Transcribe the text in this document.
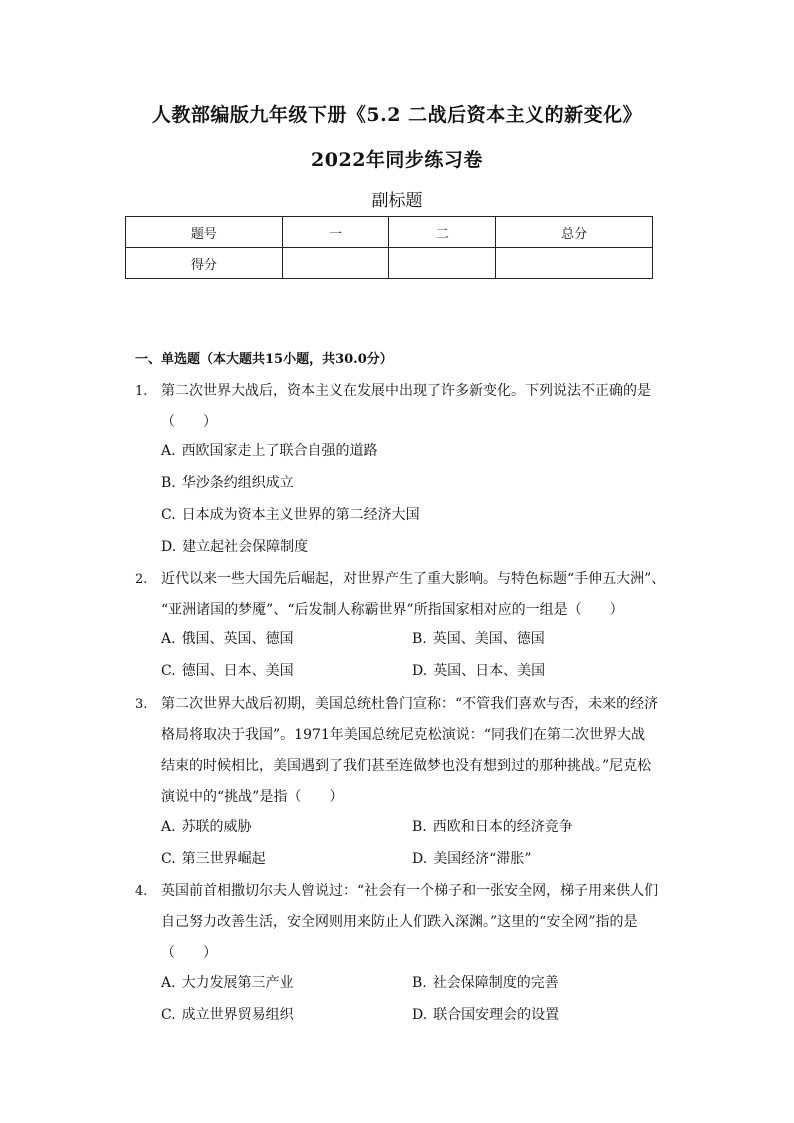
人教部编版九年级下册《5.2 二战后资本主义的新变化》
2022年同步练习卷
副标题
题号	一	二	总分
得分			
一、单选题（本大题共15小题，共30.0分）
1. 第二次世界大战后，资本主义在发展中出现了许多新变化。下列说法不正确的是
（　　）
A. 西欧国家走上了联合自强的道路
B. 华沙条约组织成立
C. 日本成为资本主义世界的第二经济大国
D. 建立起社会保障制度
2. 近代以来一些大国先后崛起，对世界产生了重大影响。与特色标题“手伸五大洲”、
“亚洲诸国的梦魇”、“后发制人称霸世界”所指国家相对应的一组是（　　）
A. 俄国、英国、德国	B. 英国、美国、德国
C. 德国、日本、美国	D. 英国、日本、美国
3. 第二次世界大战后初期，美国总统杜鲁门宣称：“不管我们喜欢与否，未来的经济
格局将取决于我国”。1971年美国总统尼克松演说：“同我们在第二次世界大战
结束的时候相比，美国遇到了我们甚至连做梦也没有想到过的那种挑战。”尼克松
演说中的“挑战”是指（　　）
A. 苏联的威胁	B. 西欧和日本的经济竞争
C. 第三世界崛起	D. 美国经济“滞胀”
4. 英国前首相撒切尔夫人曾说过：“社会有一个梯子和一张安全网，梯子用来供人们
自己努力改善生活，安全网则用来防止人们跌入深渊。”这里的“安全网”指的是
（　　）
A. 大力发展第三产业	B. 社会保障制度的完善
C. 成立世界贸易组织	D. 联合国安理会的设置
